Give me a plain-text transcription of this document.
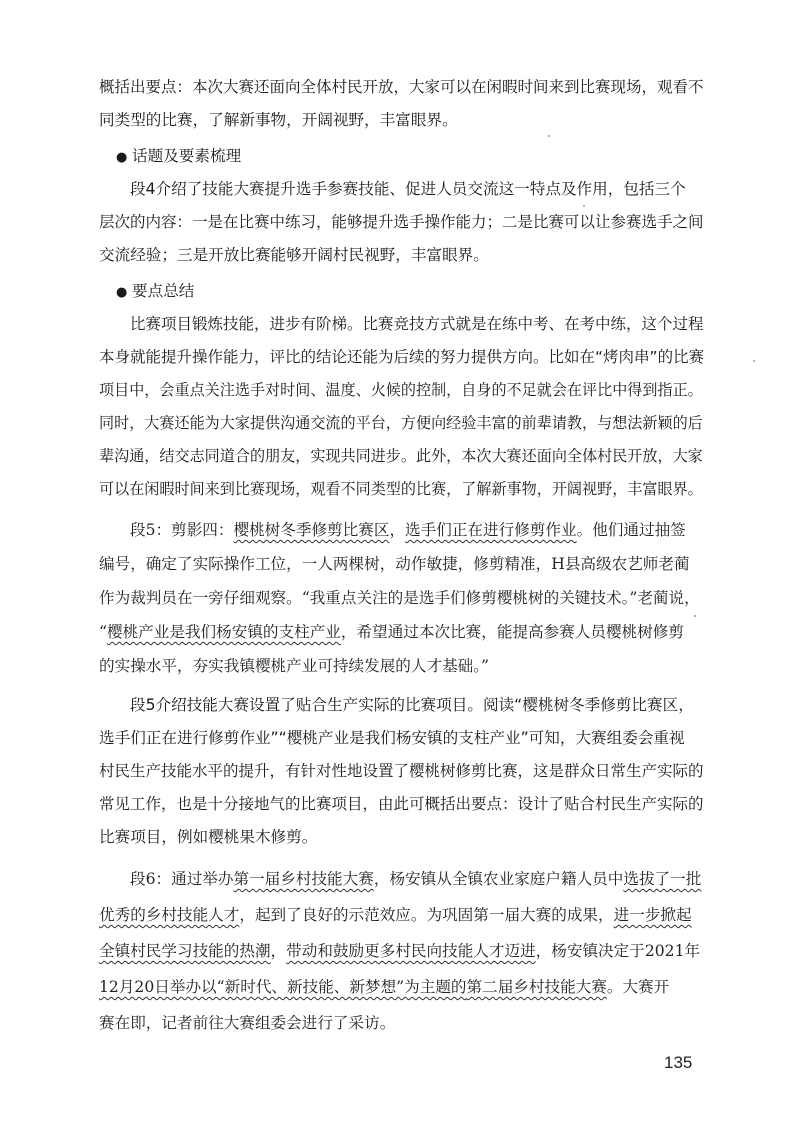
概括出要点：本次大赛还面向全体村民开放，大家可以在闲暇时间来到比赛现场，观看不
同类型的比赛，了解新事物，开阔视野，丰富眼界。
● 话题及要素梳理
段4介绍了技能大赛提升选手参赛技能、促进人员交流这一特点及作用，包括三个
层次的内容：一是在比赛中练习，能够提升选手操作能力；二是比赛可以让参赛选手之间
交流经验；三是开放比赛能够开阔村民视野，丰富眼界。
● 要点总结
比赛项目锻炼技能，进步有阶梯。比赛竞技方式就是在练中考、在考中练，这个过程
本身就能提升操作能力，评比的结论还能为后续的努力提供方向。比如在“烤肉串”的比赛
项目中，会重点关注选手对时间、温度、火候的控制，自身的不足就会在评比中得到指正。
同时，大赛还能为大家提供沟通交流的平台，方便向经验丰富的前辈请教，与想法新颖的后
辈沟通，结交志同道合的朋友，实现共同进步。此外，本次大赛还面向全体村民开放，大家
可以在闲暇时间来到比赛现场，观看不同类型的比赛，了解新事物，开阔视野，丰富眼界。
段5：剪影四：樱桃树冬季修剪比赛区，选手们正在进行修剪作业。他们通过抽签
编号，确定了实际操作工位，一人两棵树，动作敏捷，修剪精准，H县高级农艺师老蔺
作为裁判员在一旁仔细观察。“我重点关注的是选手们修剪樱桃树的关键技术。”老蔺说，
“樱桃产业是我们杨安镇的支柱产业，希望通过本次比赛，能提高参赛人员樱桃树修剪
的实操水平，夯实我镇樱桃产业可持续发展的人才基础。”
段5介绍技能大赛设置了贴合生产实际的比赛项目。阅读“樱桃树冬季修剪比赛区，
选手们正在进行修剪作业”“樱桃产业是我们杨安镇的支柱产业”可知，大赛组委会重视
村民生产技能水平的提升，有针对性地设置了樱桃树修剪比赛，这是群众日常生产实际的
常见工作，也是十分接地气的比赛项目，由此可概括出要点：设计了贴合村民生产实际的
比赛项目，例如樱桃果木修剪。
段6：通过举办第一届乡村技能大赛，杨安镇从全镇农业家庭户籍人员中选拔了一批
优秀的乡村技能人才，起到了良好的示范效应。为巩固第一届大赛的成果，进一步掀起
全镇村民学习技能的热潮，带动和鼓励更多村民向技能人才迈进，杨安镇决定于2021年
12月20日举办以“新时代、新技能、新梦想”为主题的第二届乡村技能大赛。大赛开
赛在即，记者前往大赛组委会进行了采访。
135
